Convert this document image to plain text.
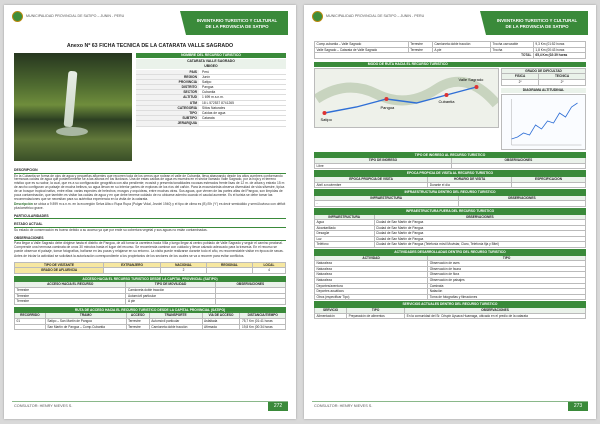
MUNICIPALIDAD PROVINCIAL DE SATIPO – JUNIN - PERU
INVENTARIO TURISTICO Y CULTURAL
DE LA PROVINCIA DE SATIPO
Anexo Nº 63 FICHA TECNICA DE LA CATARATA VALLE SAGRADO
NOMBRE DEL RECURSO TURISTICO
CATARATA VALLE SAGRADO
UBIGEO
PAIS	Perú
REGION	Junín
PROVINCIA	Satipo
DISTRITO	Pangoa
SECTOR	Cubantia
ALTITUD	1 699 m.s.n.m.
UTM	18 L 572537 8741265
CATEGORIA	Sitios Naturales
TIPO	Caídas de agua
SUBTIPO	Catarata
JERARQUIA
DESCRIPCION
En la Cubantia se forma de ojos de agua y pequeñas afluentes que recorren toda de los cerros que rodean el valle de Cubantia, lleva abasnando desde los altos cumbres conformando hermosas caídas de agua que posteriormente se a las alturas en los lluviosos. Una de estas caídas de agua es muestra en el sector llamado Valle Sagrado, por la hoja y el terreno mistico que es su sabor, la cual, que es a su configuración geográfica con alta pendiente; ecosisit y presenta tonalidades rocosas esterados frente lisas de 12 m. de altura y estrato 15 m de ancho configuran un paisaje de mucha belleza, su agua llevan en su interior partes de exploras de los ríos del cañón. Para la excursionista observa diversidad de vida silvestre, típica de un bosque tropical nativo, entre ellas: varias especies de helechos; musgos y orquídeas, entre muchas otras. Sus aguas, que vienen de las partes altas del Pangoa, son límpidas de poca contaminación, que también es visitar las caídas de agua y en que debe tenerse cuidado de no ubicarse adentro cuando el caudal aumente. Es el turista se debe tomar las recomendaciones que se necesitan para su auténtica experiencia en la visita de la catarata.
Descripción se ubica a 9 899 m.s.n.m. en la ecoregión Selva Alta o Rupa Rupa (Pulgar Vidal, Jezdel 1940) y el tipo de clima es (B) B'h (Y') es decir semicálido y semi-lluvioso con déficit pluviométrico grave.
PARTICULARIDADES
ESTADO ACTUAL
Su estado de conservación es bueno debido a su acceso ya que por ende su cobertura vegetal y sus aguas no están contaminadas.
OBSERVACIONES
Para llegar a Valle Sagrado debe dirigirse hasta el distrito de Pangoa, de allí tomar la carretera hacia Villa y luego llegar al centro poblado de Valle Sagrado y seguir el camino peatonal. Comprende una hermosa caminata de unos 30 minutos hasta el lugar del recurso. Se recomienda caminar con cuidado y llevar calzado adecuado para la travesía. En el recurso se puede observar el paisaje, tomar fotografías, bañarse en las pozas y relajarse en su entorno. La visita puede realizarse durante todo el año, es recomendable visitar en época de secas.
Antes de iniciar la actividad se solicitará la autorización correspondiente a los propietarios de los sectores de los cuales se va a recorrer para evitar conflictos.
TIPO DE VISITANTE	EXTRANJERO	NACIONAL	REGIONAL	LOCAL
GRADO DE AFLUENCIA		2		4
ACCESO HACIA EL RECURSO TURISTICO DESDE LA CAPITAL PROVINCIAL (SATIPO)		
ACCESO HACIA EL RECURSO	TIPO DE MOVILIDAD	OBSERVACIONES
Terrestre	Camioneta doble tracción	
Terrestre	Automóvil particular	
Terrestre	A pie	
RUTA DE ACCESO HACIA EL RECURSO TURISTICO DESDE LA CAPITAL PROVINCIAL (SATIPO)					
RECORRIDO	TRAMO	ACCESO	TRANSPORTE	VIA DE ACCESO	DISTANCIA/TIEMPO
01	Satipo – San Martín de Pangoa	Terrestre	Automóvil particular	Asfaltada	75,7 Km (01:41 horas
	San Martín de Pangoa – Comp.Cubantia	Terrestre	Camioneta doble tracción	Afirmada	19,8 Km (00:34 horas
CONSULTOR: HENRY NIEVES S.	272
MUNICIPALIDAD PROVINCIAL DE SATIPO – JUNIN - PERU
INVENTARIO TURISTICO Y CULTURAL
DE LA PROVINCIA DE SATIPO
Comp.cubantia – Valle Sagrado	Terrestre	Camioneta doble tracción	Trocha carrozable	9,3 Km (01:52 horas
Valle Sagrado – Catarata de Valle Sagrado	Terrestre	A pie	Trocha	1,8 Km (00:43 horas
TOTAL				65,4 Km (02:39 horas
MODO DE RUTA HACIA EL RECURSO TURISTICO
Satipo
Pangoa
Cubantia
Valle Sagrado
GRADO DE DIFICULTAD	
FISICA	TECNICA
2º	2º
DIAGRAMA ALTITUDINAL
TIPO DE INGRESO AL RECURSO TURISTICO	
TIPO DE INGRESO	OBSERVACIONES
Libre	
EPOCA PROPICIA DE VISITA AL RECURSO TURISTICO		
EPOCA PROPICIA DE VISITA	HORARIO DE VISITA	ESPECIFICACION
Abril a noviembre	Durante el día	
INFRAESTRUCTURA DENTRO DEL RECURSO TURISTICO	
INFRAESTRUCTURA	OBSERVACIONES
-	
INFRAESTRUCTURA FUERA DEL RECURSO TURISTICO	
INFRAESTRUCTURA	OBSERVACIONES
Agua	Ciudad de San Martín de Pangoa
Alcantarillado	Ciudad de San Martín de Pangoa
Desagüe	Ciudad de San Martín de Pangoa
Luz	Ciudad de San Martín de Pangoa
Teléfono	Ciudad de San Martín de Pangoa (Telefonía móvil Movistar, Claro, Telefonía fija y Bitel)
ACTIVIDADES DESARROLLADAS DENTRO DEL RECURSO TURISTICO	
ACTIVIDAD	TIPO
Naturaleza	Observación de aves
Naturaleza	Observación de fauna
Naturaleza	Observación de flora
Naturaleza	Observación de paisajes
Deportes/aventura	Caminata
Deportes acuáticos	Natación
Otros (especificar Tipo)	Toma de fotografías y filmaciones
SERVICIOS ACTUALES DENTRO DEL RECURSO TURISTICO		
SERVICIO	TIPO	OBSERVACIONES
Alimentación	Preparación de alimentos	En la comunidad del Sr. Crispín Ayuaca Huamaga, ubicado en el predio de la catarata
CONSULTOR: HENRY NIEVES S.	273
